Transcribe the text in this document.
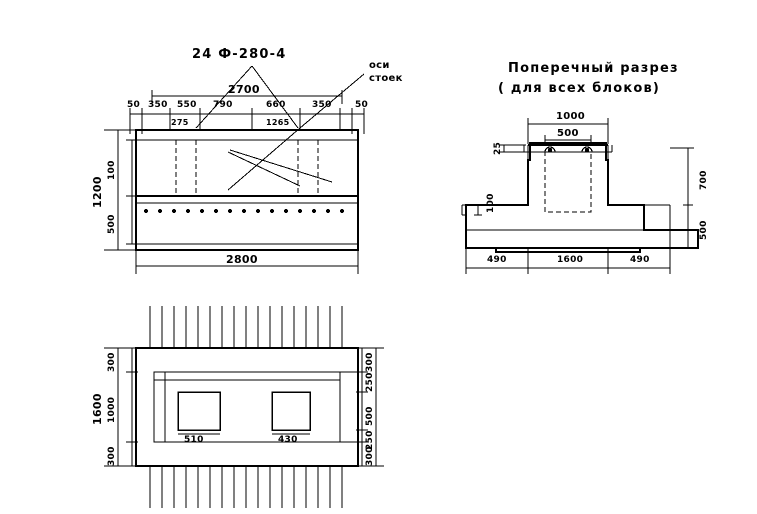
24 Ф-280-4
оси
стоек
Поперечный разрез
( для всех блоков)
2700
50 350 550 790	660	350	50
275	1265
1200
100
500
2800
1000
500
25
100
700
500
490	1600	490
1600
300
1000
300
300
250
500
250
300
510	430
